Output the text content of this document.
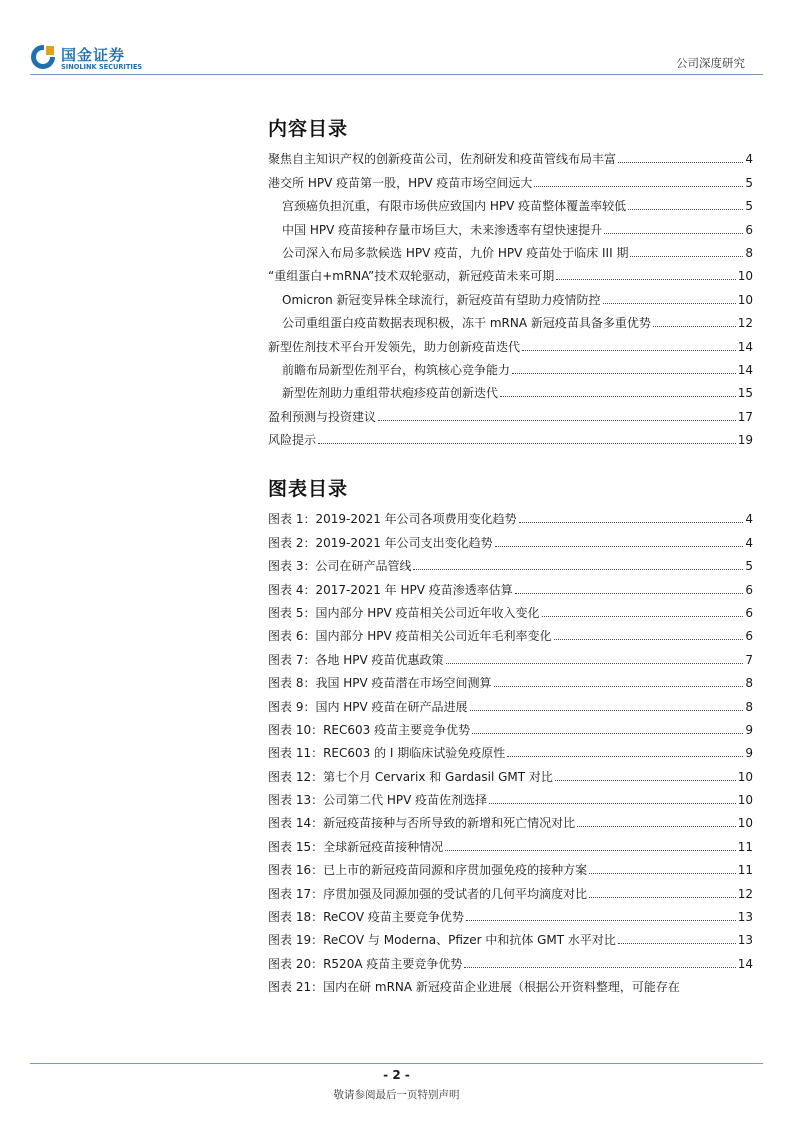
国金证券
SINOLINK SECURITIES	公司深度研究
内容目录
聚焦自主知识产权的创新疫苗公司，佐剂研发和疫苗管线布局丰富	4
港交所 HPV 疫苗第一股，HPV 疫苗市场空间远大	5
宫颈癌负担沉重，有限市场供应致国内 HPV 疫苗整体覆盖率较低	5
中国 HPV 疫苗接种存量市场巨大，未来渗透率有望快速提升	6
公司深入布局多款候选 HPV 疫苗，九价 HPV 疫苗处于临床 III 期	8
“重组蛋白+mRNA”技术双轮驱动，新冠疫苗未来可期	10
Omicron 新冠变异株全球流行，新冠疫苗有望助力疫情防控	10
公司重组蛋白疫苗数据表现积极，冻干 mRNA 新冠疫苗具备多重优势	12
新型佐剂技术平台开发领先，助力创新疫苗迭代	14
前瞻布局新型佐剂平台，构筑核心竞争能力	14
新型佐剂助力重组带状疱疹疫苗创新迭代	15
盈利预测与投资建议	17
风险提示	19
图表目录
图表 1：2019-2021 年公司各项费用变化趋势	4
图表 2：2019-2021 年公司支出变化趋势	4
图表 3：公司在研产品管线	5
图表 4：2017-2021 年 HPV 疫苗渗透率估算	6
图表 5：国内部分 HPV 疫苗相关公司近年收入变化	6
图表 6：国内部分 HPV 疫苗相关公司近年毛利率变化	6
图表 7：各地 HPV 疫苗优惠政策	7
图表 8：我国 HPV 疫苗潜在市场空间测算	8
图表 9：国内 HPV 疫苗在研产品进展	8
图表 10：REC603 疫苗主要竞争优势	9
图表 11：REC603 的 I 期临床试验免疫原性	9
图表 12：第七个月 Cervarix 和 Gardasil GMT 对比	10
图表 13：公司第二代 HPV 疫苗佐剂选择	10
图表 14：新冠疫苗接种与否所导致的新增和死亡情况对比	10
图表 15：全球新冠疫苗接种情况	11
图表 16：已上市的新冠疫苗同源和序贯加强免疫的接种方案	11
图表 17：序贯加强及同源加强的受试者的几何平均滴度对比	12
图表 18：ReCOV 疫苗主要竞争优势	13
图表 19：ReCOV 与 Moderna、Pfizer 中和抗体 GMT 水平对比	13
图表 20：R520A 疫苗主要竞争优势	14
图表 21：国内在研 mRNA 新冠疫苗企业进展（根据公开资料整理，可能存在
- 2 -
敬请参阅最后一页特别声明
